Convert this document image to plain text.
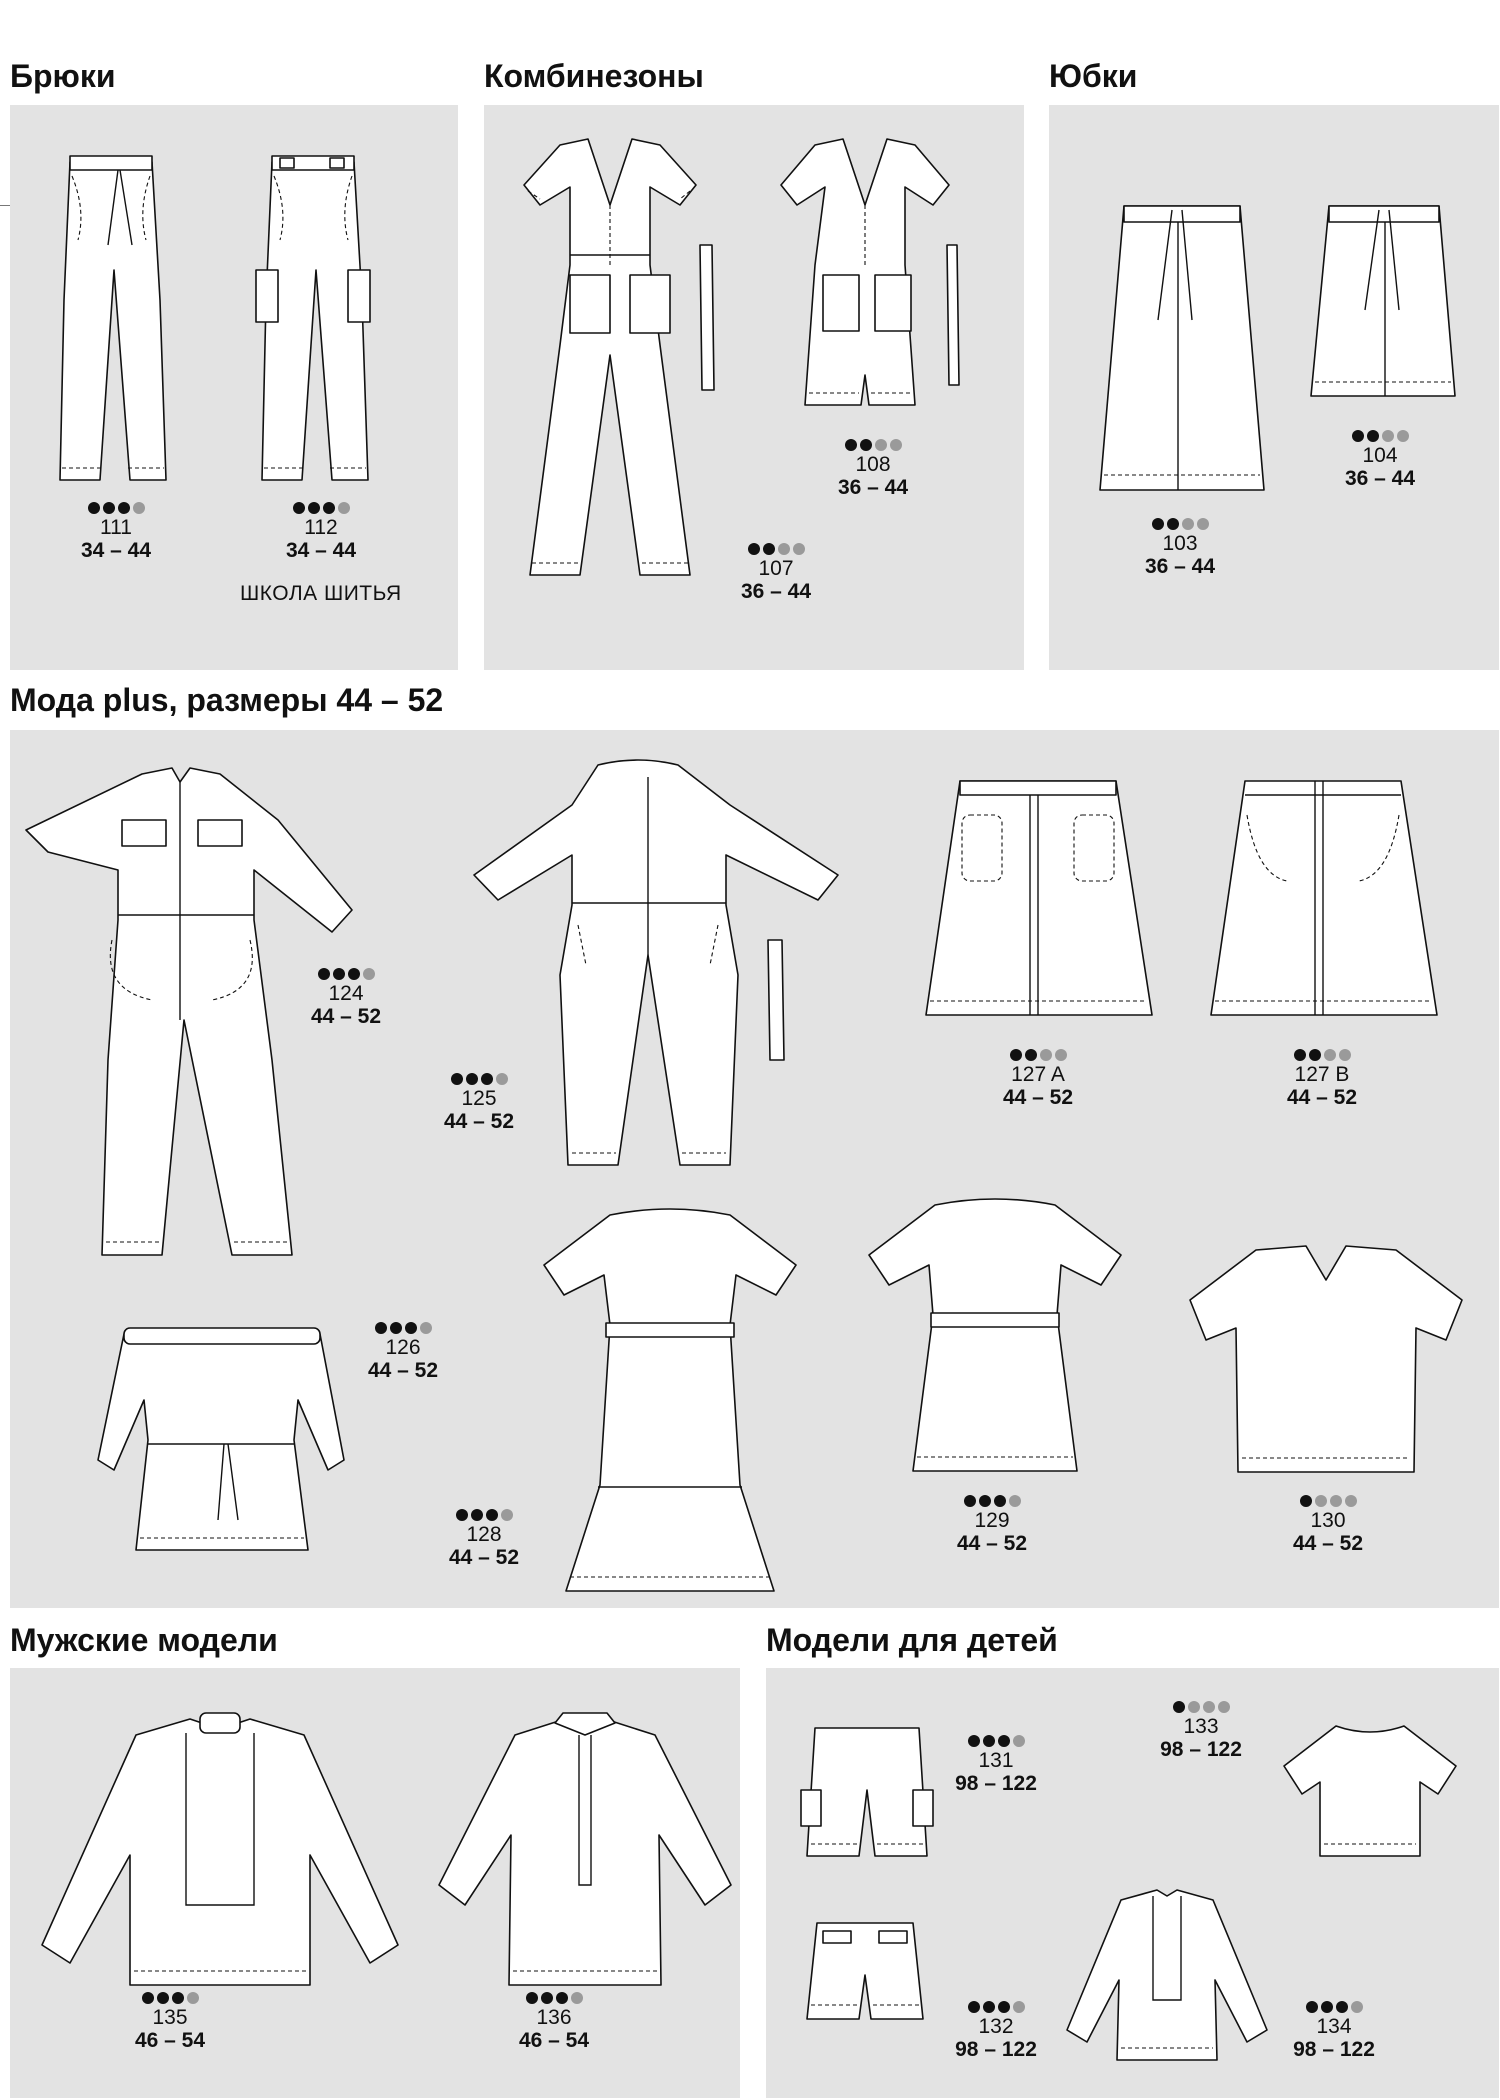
Брюки	Комбинезоны	Юбки
Мода plus, размеры 44 – 52
Мужские модели	Модели для детей
111
34 – 44
112
34 – 44
ШКОЛА ШИТЬЯ
107
36 – 44
108
36 – 44
103
36 – 44
104
36 – 44
124
44 – 52
125
44 – 52
127 A
44 – 52
127 B
44 – 52
126
44 – 52
128
44 – 52
129
44 – 52
130
44 – 52
135
46 – 54
136
46 – 54
131
98 – 122
133
98 – 122
132
98 – 122
134
98 – 122
